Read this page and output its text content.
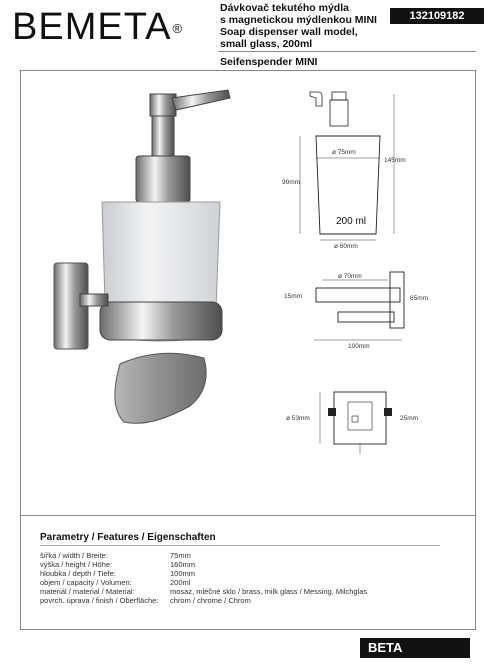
BEMETA®
Dávkovač tekutého mýdla
s magnetickou mýdlenkou MINI
Soap dispenser wall model,
small glass, 200ml
Seifenspender MINI
132109182
ø 75mm
200 ml
ø 60mm
90mm
145mm
ø 70mm
15mm	65mm
100mm
ø 53mm	25mm
Parametry / Features / Eigenschaften
šířka / width / Breite:	75mm
výška / height / Höhe:	160mm
hloubka / depth / Tiefe:	100mm
objem / capacity / Volumen:	200ml
materiál / material / Material:	mosaz, mléčné sklo / brass, milk glass / Messing, Milchglas
povrch. úprava / finish / Oberfläche: chrom / chrome / Chrom
BETA
